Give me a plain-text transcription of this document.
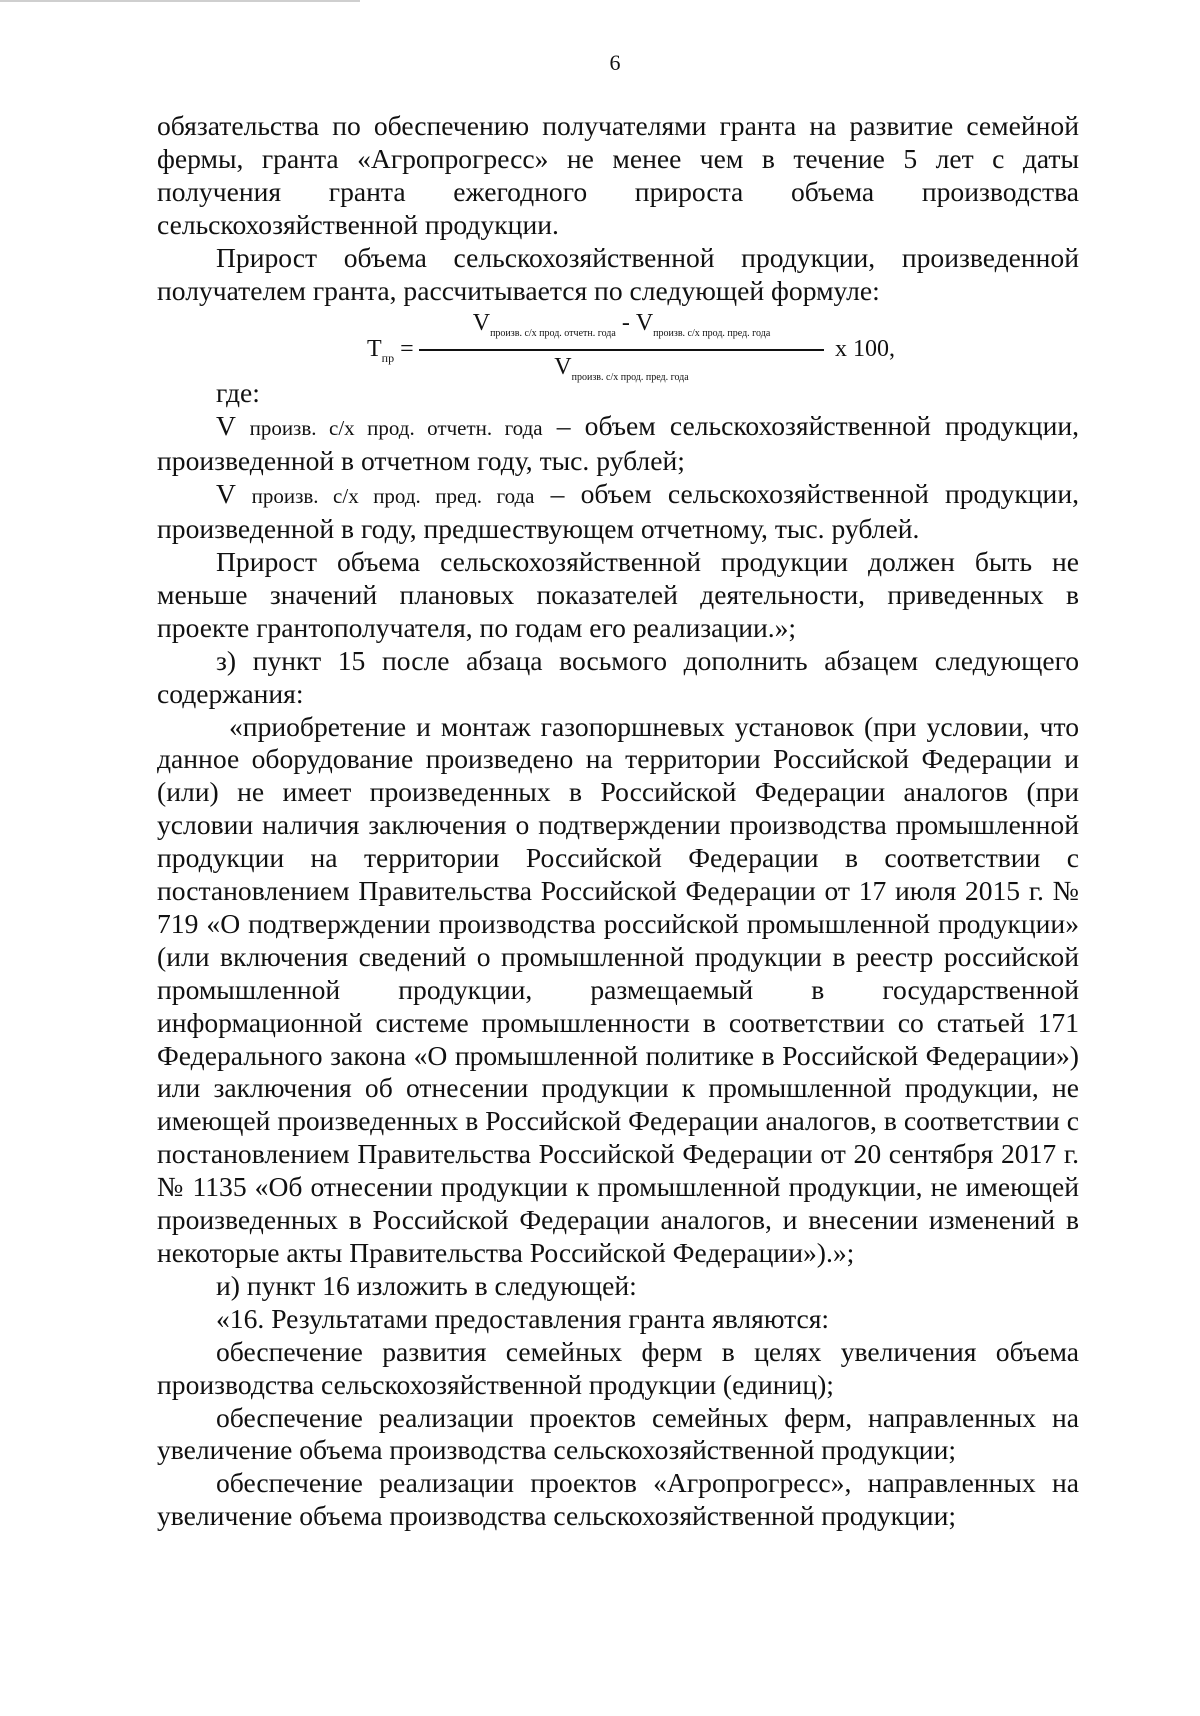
6

обязательства по обеспечению получателями гранта на развитие семейной фермы, гранта «Агропрогресс» не менее чем в течение 5 лет с даты получения гранта ежегодного прироста объема производства сельскохозяйственной продукции.

Прирост объема сельскохозяйственной продукции, произведенной получателем гранта, рассчитывается по следующей формуле:

$T_{пр}$ =
$V_{произв. с/х прод. отчетн. года} - V_{произв. с/х прод. пред. года}$
$V_{произв. с/х прод. пред. года}$
х 100,

где:

V произв. с/х прод. отчетн. года – объем сельскохозяйственной продукции, произведенной в отчетном году, тыс. рублей;

V произв. с/х прод. пред. года – объем сельскохозяйственной продукции, произведенной в году, предшествующем отчетному, тыс. рублей.

Прирост объема сельскохозяйственной продукции должен быть не меньше значений плановых показателей деятельности, приведенных в проекте грантополучателя, по годам его реализации.»;

з) пункт 15 после абзаца восьмого дополнить абзацем следующего содержания:

«приобретение и монтаж газопоршневых установок (при условии, что данное оборудование произведено на территории Российской Федерации и (или) не имеет произведенных в Российской Федерации аналогов (при условии наличия заключения о подтверждении производства промышленной продукции на территории Российской Федерации в соответствии с постановлением Правительства Российской Федерации от 17 июля 2015 г. № 719 «О подтверждении производства российской промышленной продукции» (или включения сведений о промышленной продукции в реестр российской промышленной продукции, размещаемый в государственной информационной системе промышленности в соответствии со статьей 171 Федерального закона «О промышленной политике в Российской Федерации») или заключения об отнесении продукции к промышленной продукции, не имеющей произведенных в Российской Федерации аналогов, в соответствии с постановлением Правительства Российской Федерации от 20 сентября 2017 г. № 1135 «Об отнесении продукции к промышленной продукции, не имеющей произведенных в Российской Федерации аналогов, и внесении изменений в некоторые акты Правительства Российской Федерации»).»;

и) пункт 16 изложить в следующей:

«16. Результатами предоставления гранта являются:

обеспечение развития семейных ферм в целях увеличения объема производства сельскохозяйственной продукции (единиц);

обеспечение реализации проектов семейных ферм, направленных на увеличение объема производства сельскохозяйственной продукции;

обеспечение реализации проектов «Агропрогресс», направленных на увеличение объема производства сельскохозяйственной продукции;
